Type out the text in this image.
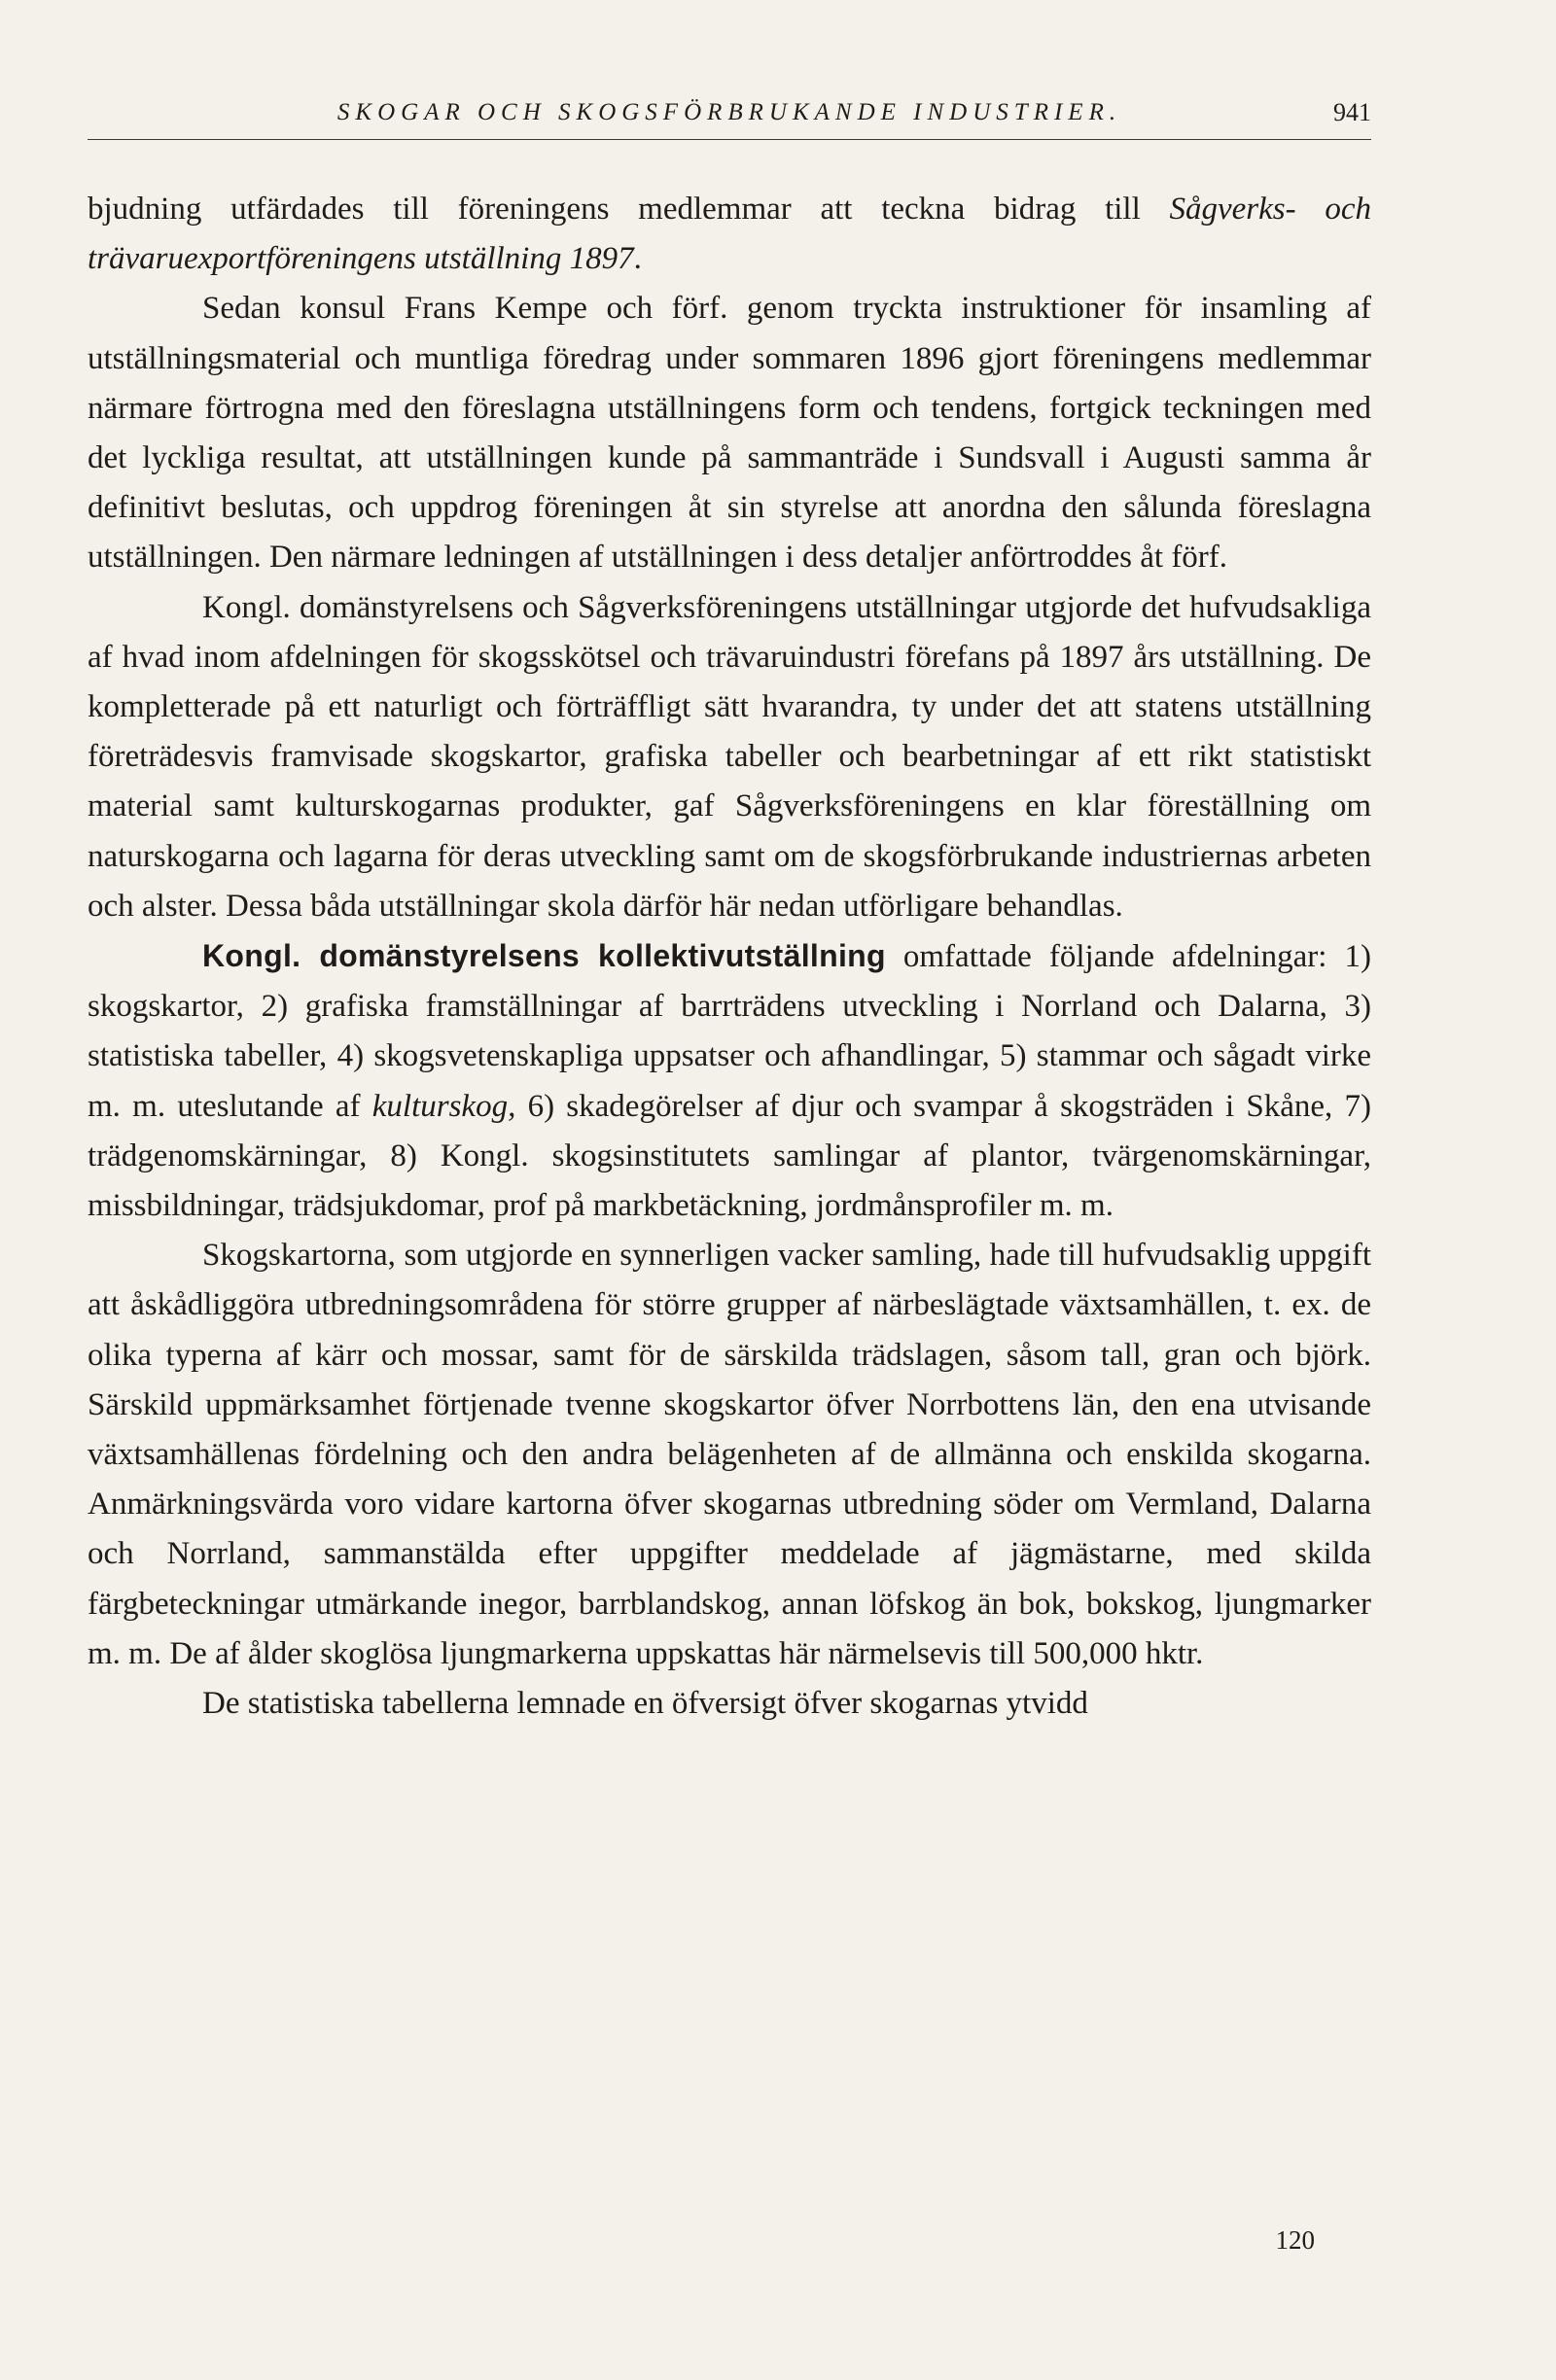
SKOGAR OCH SKOGSFÖRBRUKANDE INDUSTRIER.	941

bjudning utfärdades till föreningens medlemmar att teckna bidrag till Sågverks- och trävaruexportföreningens utställning 1897.

Sedan konsul Frans Kempe och förf. genom tryckta instruktioner för insamling af utställningsmaterial och muntliga föredrag under sommaren 1896 gjort föreningens medlemmar närmare förtrogna med den föreslagna utställningens form och tendens, fortgick teckningen med det lyckliga resultat, att utställningen kunde på sammanträde i Sundsvall i Augusti samma år definitivt beslutas, och uppdrog föreningen åt sin styrelse att anordna den sålunda föreslagna utställningen. Den närmare ledningen af utställningen i dess detaljer anförtroddes åt förf.

Kongl. domänstyrelsens och Sågverksföreningens utställningar utgjorde det hufvudsakliga af hvad inom afdelningen för skogsskötsel och trävaruindustri förefans på 1897 års utställning. De kompletterade på ett naturligt och förträffligt sätt hvarandra, ty under det att statens utställning företrädesvis framvisade skogskartor, grafiska tabeller och bearbetningar af ett rikt statistiskt material samt kulturskogarnas produkter, gaf Sågverksföreningens en klar föreställning om naturskogarna och lagarna för deras utveckling samt om de skogsförbrukande industriernas arbeten och alster. Dessa båda utställningar skola därför här nedan utförligare behandlas.

Kongl. domänstyrelsens kollektivutställning omfattade följande afdelningar: 1) skogskartor, 2) grafiska framställningar af barrträdens utveckling i Norrland och Dalarna, 3) statistiska tabeller, 4) skogsvetenskapliga uppsatser och afhandlingar, 5) stammar och sågadt virke m. m. uteslutande af kulturskog, 6) skadegörelser af djur och svampar å skogsträden i Skåne, 7) trädgenomskärningar, 8) Kongl. skogsinstitutets samlingar af plantor, tvärgenomskärningar, missbildningar, trädsjukdomar, prof på markbetäckning, jordmånsprofiler m. m.

Skogskartorna, som utgjorde en synnerligen vacker samling, hade till hufvudsaklig uppgift att åskådliggöra utbredningsområdena för större grupper af närbeslägtade växtsamhällen, t. ex. de olika typerna af kärr och mossar, samt för de särskilda trädslagen, såsom tall, gran och björk. Särskild uppmärksamhet förtjenade tvenne skogskartor öfver Norrbottens län, den ena utvisande växtsamhällenas fördelning och den andra belägenheten af de allmänna och enskilda skogarna. Anmärkningsvärda voro vidare kartorna öfver skogarnas utbredning söder om Vermland, Dalarna och Norrland, sammanstälda efter uppgifter meddelade af jägmästarne, med skilda färgbeteckningar utmärkande inegor, barrblandskog, annan löfskog än bok, bokskog, ljungmarker m. m. De af ålder skoglösa ljungmarkerna uppskattas här närmelsevis till 500,000 hktr.

De statistiska tabellerna lemnade en öfversigt öfver skogarnas ytvidd

120
